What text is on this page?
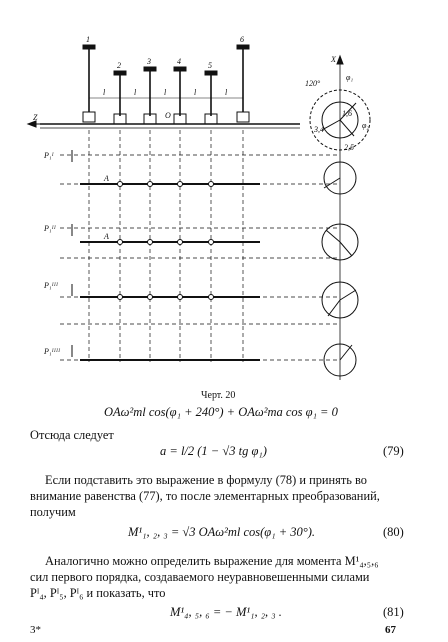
1
2	3	4	5
6
l	l	l	l	l
Z
X
O
A
A
120°
φ₁
φ₂
3,4
1,6
2,5
P₁ᴵ
P₁ᴵᴵ
P₁ᴵᴵᴵ
P₁ᴵᴵᴵᴵ
Черт. 20
OAω²ml cos(φ₁ + 240°) + OAω²ma cos φ₁ = 0
Отсюда следует
a = l/2 (1 − √3 tg φ₁)	(79)
Если подставить это выражение в формулу (78) и принять во
внимание равенства (77), то после элементарных преобразований,
получим
M¹₁, ₂, ₃ = √3 OAω²ml cos(φ₁ + 30°).	(80)
Аналогично можно определить выражение для момента M¹₄,₅,₆
сил первого порядка, создаваемого неуравновешенными силами
Pᴵ₄, Pᴵ₅, Pᴵ₆ и показать, что
M¹₄, ₅, ₆ = − M¹₁, ₂, ₃ .	(81)
3*	67
